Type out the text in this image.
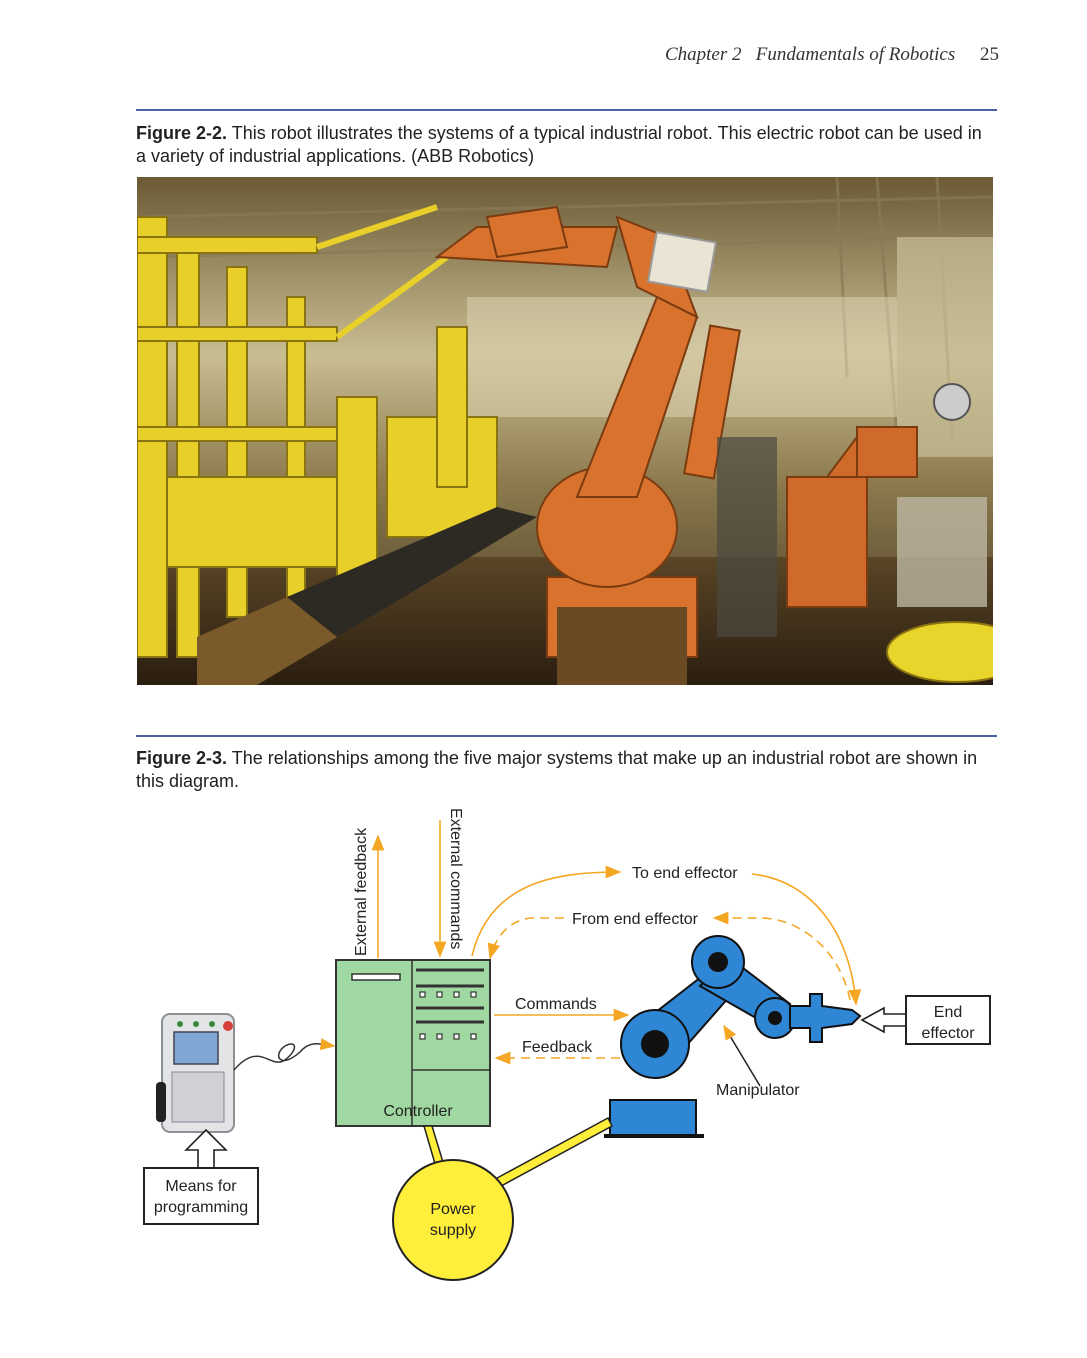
Chapter 2 Fundamentals of Robotics 25
Figure 2-2. This robot illustrates the systems of a typical industrial robot. This electric robot can be used in a variety of industrial applications. (ABB Robotics)
Figure 2-3. The relationships among the five major systems that make up an industrial robot are shown in this diagram.
External feedback	External commands
Controller
To end effector
From end effector
Commands
Feedback
Manipulator
End
effector
Means for
programming	Power
supply
